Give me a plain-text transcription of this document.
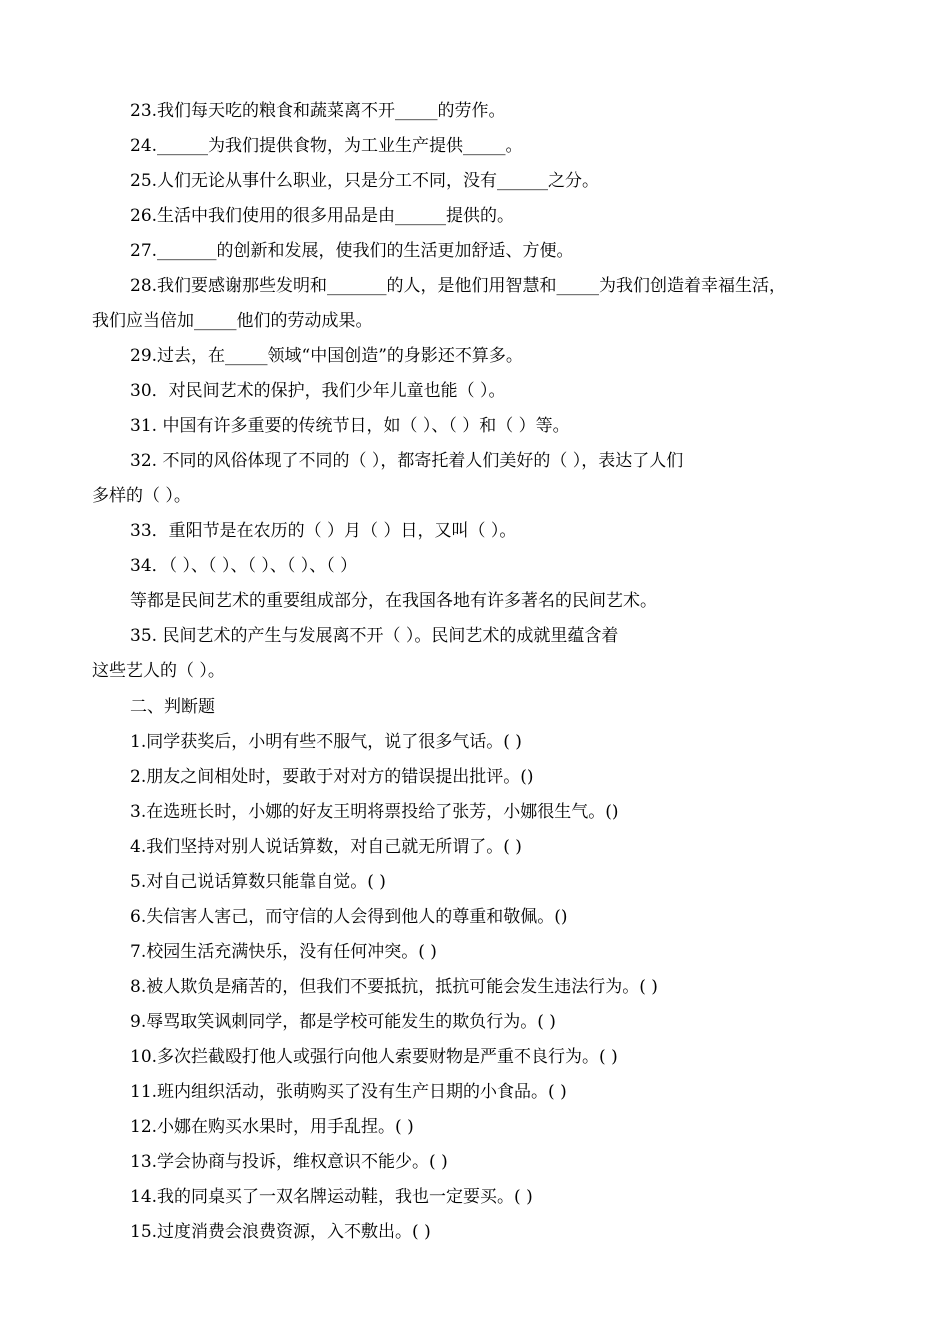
23.我们每天吃的粮食和蔬菜离不开_____的劳作。
24.______为我们提供食物，为工业生产提供_____。
25.人们无论从事什么职业，只是分工不同，没有______之分。
26.生活中我们使用的很多用品是由______提供的。
27._______的创新和发展，使我们的生活更加舒适、方便。
28.我们要感谢那些发明和_______的人，是他们用智慧和_____为我们创造着幸福生活，
我们应当倍加_____他们的劳动成果。
29.过去，在_____领域“中国创造”的身影还不算多。
30．对民间艺术的保护，我们少年儿童也能（ ）。
31. 中国有许多重要的传统节日，如（ ）、（ ）和（ ）等。
32. 不同的风俗体现了不同的（ ），都寄托着人们美好的（ ），表达了人们
多样的（ ）。
33．重阳节是在农历的（ ）月（ ）日，又叫（ ）。
34．（ ）、（ ）、（ ）、（ ）、（ ）
等都是民间艺术的重要组成部分，在我国各地有许多著名的民间艺术。
35. 民间艺术的产生与发展离不开（ ）。民间艺术的成就里蕴含着
这些艺人的（ ）。
二、判断题
1.同学获奖后，小明有些不服气，说了很多气话。( )
2.朋友之间相处时，要敢于对对方的错误提出批评。()
3.在选班长时，小娜的好友王明将票投给了张芳，小娜很生气。()
4.我们坚持对别人说话算数，对自己就无所谓了。( )
5.对自己说话算数只能靠自觉。( )
6.失信害人害己，而守信的人会得到他人的尊重和敬佩。()
7.校园生活充满快乐，没有任何冲突。( )
8.被人欺负是痛苦的，但我们不要抵抗，抵抗可能会发生违法行为。( )
9.辱骂取笑讽刺同学，都是学校可能发生的欺负行为。( )
10.多次拦截殴打他人或强行向他人索要财物是严重不良行为。( )
11.班内组织活动，张萌购买了没有生产日期的小食品。( )
12.小娜在购买水果时，用手乱捏。( )
13.学会协商与投诉，维权意识不能少。( )
14.我的同桌买了一双名牌运动鞋，我也一定要买。( )
15.过度消费会浪费资源，入不敷出。( )
